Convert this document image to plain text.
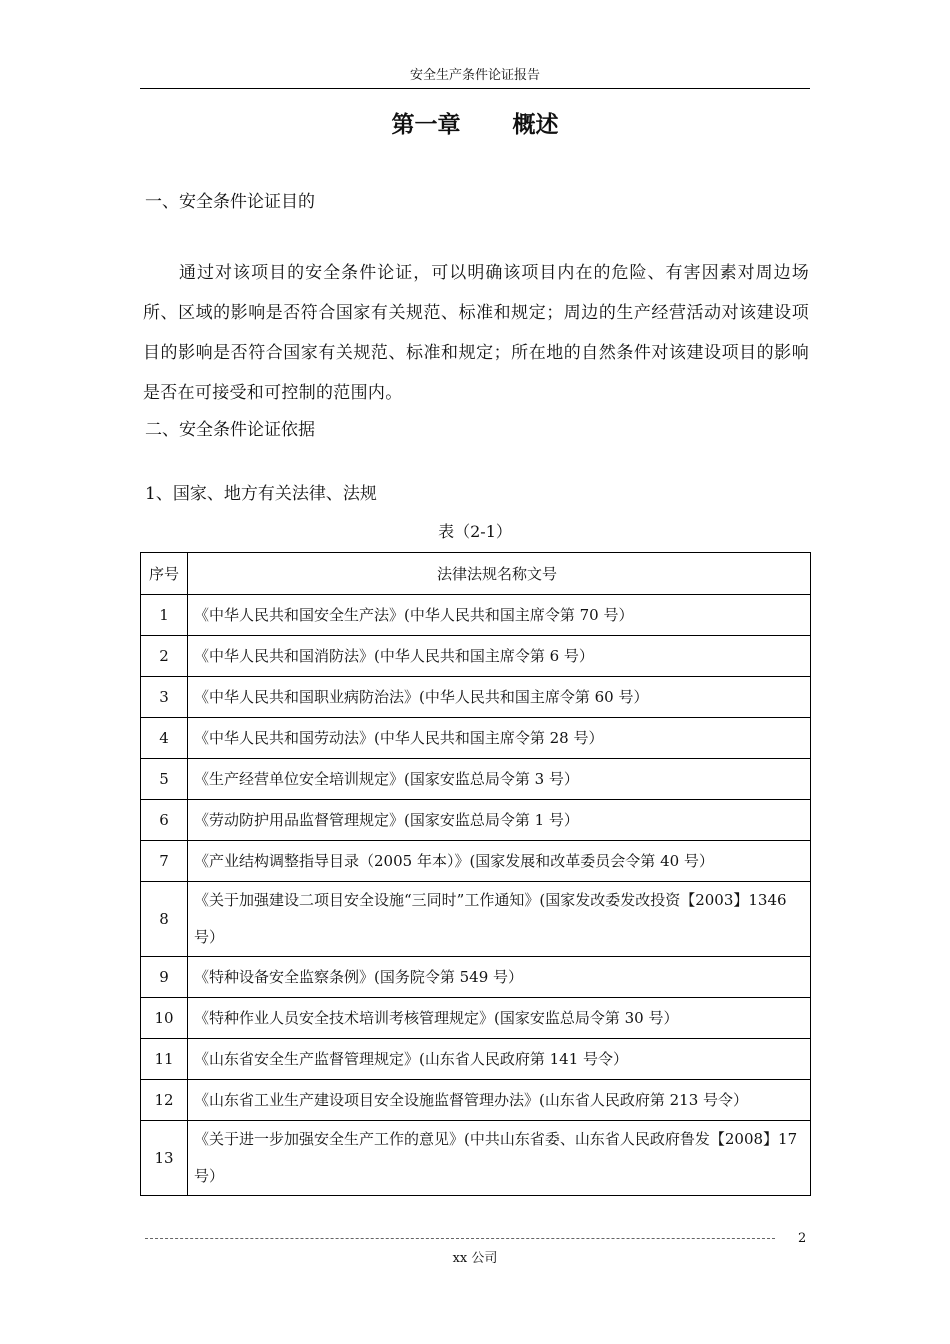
安全生产条件论证报告
第一章 概述
一、安全条件论证目的
通过对该项目的安全条件论证，可以明确该项目内在的危险、有害因素对周边场所、区域的影响是否符合国家有关规范、标准和规定；周边的生产经营活动对该建设项目的影响是否符合国家有关规范、标准和规定；所在地的自然条件对该建设项目的影响是否在可接受和可控制的范围内。
二、安全条件论证依据
1、国家、地方有关法律、法规
表（2-1）
序号	法律法规名称文号
1	《中华人民共和国安全生产法》(中华人民共和国主席令第 70 号）
2	《中华人民共和国消防法》(中华人民共和国主席令第 6 号）
3	《中华人民共和国职业病防治法》(中华人民共和国主席令第 60 号）
4	《中华人民共和国劳动法》(中华人民共和国主席令第 28 号）
5	《生产经营单位安全培训规定》(国家安监总局令第 3 号）
6	《劳动防护用品监督管理规定》(国家安监总局令第 1 号）
7	《产业结构调整指导目录（2005 年本）》(国家发展和改革委员会令第 40 号）
8	《关于加强建设二项目安全设施“三同时”工作通知》(国家发改委发改投资【2003】1346 号）
9	《特种设备安全监察条例》(国务院令第 549 号）
10	《特种作业人员安全技术培训考核管理规定》(国家安监总局令第 30 号）
11	《山东省安全生产监督管理规定》(山东省人民政府第 141 号令）
12	《山东省工业生产建设项目安全设施监督管理办法》(山东省人民政府第 213 号令）
13	《关于进一步加强安全生产工作的意见》(中共山东省委、山东省人民政府鲁发【2008】17 号）
2
xx 公司
